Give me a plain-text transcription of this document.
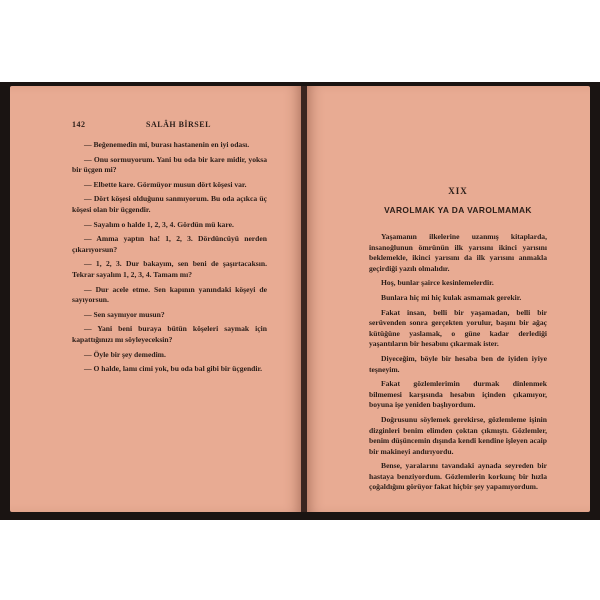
142	SALÂH BİRSEL

— Beğenemedin mi, burası hastanenin en iyi odası.

— Onu sormuyorum. Yani bu oda bir kare midir, yoksa bir üçgen mi?

— Elbette kare. Görmüyor musun dört köşesi var.

— Dört köşesi olduğunu sanmıyorum. Bu oda açıkca üç köşesi olan bir üçgendir.

— Sayalım o halde 1, 2, 3, 4. Gördün mü kare.

— Amma yaptın ha! 1, 2, 3. Dördüncüyü nerden çıkarıyorsun?

— 1, 2, 3. Dur bakayım, sen beni de şaşırtacaksın. Tekrar sayalım 1, 2, 3, 4. Tamam mı?

— Dur acele etme. Sen kapının yanındaki köşeyi de sayıyorsun.

— Sen saymıyor musun?

— Yani beni buraya bütün köşeleri saymak için kapattığınızı mı söyleyeceksin?

— Öyle bir şey demedim.

— O halde, lamı cimi yok, bu oda bal gibi bir üçgendir.

XIX
VAROLMAK YA DA VAROLMAMAK

Yaşamanın ilkelerine uzanmış kitaplarda, insanoğlunun ömrünün ilk yarısını ikinci yarısını beklemekle, ikinci yarısını da ilk yarısını anmakla geçirdiği yazılı olmalıdır.

Hoş, bunlar şairce kesinlemelerdir.

Bunlara hiç mi hiç kulak asmamak gerekir.

Fakat insan, belli bir yaşamadan, belli bir serüvenden sonra gerçekten yorulur, başını bir ağaç kütüğüne yaslamak, o güne kadar derlediği yaşantıların bir hesabını çıkarmak ister.

Diyeceğim, böyle bir hesaba ben de iyiden iyiye teşneyim.

Fakat gözlemlerimin durmak dinlenmek bilmemesi karşısında hesabın içinden çıkamıyor, boyuna işe yeniden başlıyordum.

Doğrusunu söylemek gerekirse, gözlemleme işinin dizginleri benim elimden çoktan çıkmıştı. Gözlemler, benim düşüncemin dışında kendi kendine işleyen acaip bir makineyi andırıyordu.

Bense, yaralarını tavandaki aynada seyreden bir hastaya benziyordum. Gözlemlerin korkunç bir hızla çoğaldığını görüyor fakat hiçbir şey yapamıyordum.
